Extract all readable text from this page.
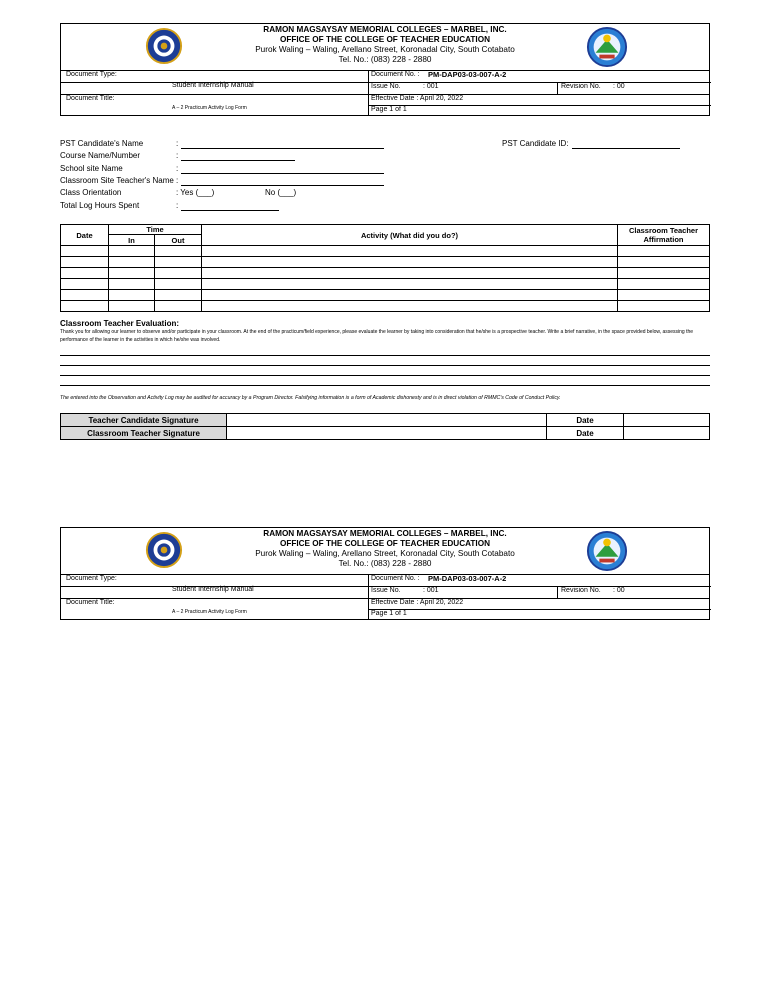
RAMON MAGSAYSAY MEMORIAL COLLEGES – MARBEL, INC.
OFFICE OF THE COLLEGE OF TEACHER EDUCATION
Purok Waling – Waling, Arellano Street, Koronadal City, South Cotabato
Tel. No.: (083) 228 - 2880
Document Type:
Student Internship Manual
Document Title:
A – 2 Practicum Activity Log Form
Document No. : PM-DAP03-03-007-A-2
Issue No.	: 001	Revision No. : 00
Effective Date : April 20, 2022
Page 1 of 1
PST Candidate's Name	:	PST Candidate ID:
Course Name/Number	:
School site Name	:
Classroom Site Teacher's Name :
Class Orientation	: Yes (___)	No (___)
Total Log Hours Spent	:
Date	Time		Activity (What did you do?)	Classroom Teacher
Affirmation

	In	Out		

Classroom Teacher Evaluation:
Thank you for allowing our learner to observe and/or participate in your classroom. At the end of the practicum/field experience, please evaluate the learner by taking into consideration that he/she is a prospective teacher. Write a brief narrative, in the space provided below, assessing the performance of the learner in the activities in which he/she was involved.
The entered into the Observation and Activity Log may be audited for accuracy by a Program Director. Falsifying information is a form of Academic dishonesty and is in direct violation of RMMC's Code of Conduct Policy.
Teacher Candidate Signature		Date	
Classroom Teacher Signature		Date	
RAMON MAGSAYSAY MEMORIAL COLLEGES – MARBEL, INC.
OFFICE OF THE COLLEGE OF TEACHER EDUCATION
Purok Waling – Waling, Arellano Street, Koronadal City, South Cotabato
Tel. No.: (083) 228 - 2880
Document Type:
Student Internship Manual
Document Title:
A – 2 Practicum Activity Log Form
Document No. : PM-DAP03-03-007-A-2
Issue No.	: 001	Revision No. : 00
Effective Date : April 20, 2022
Page 1 of 1
